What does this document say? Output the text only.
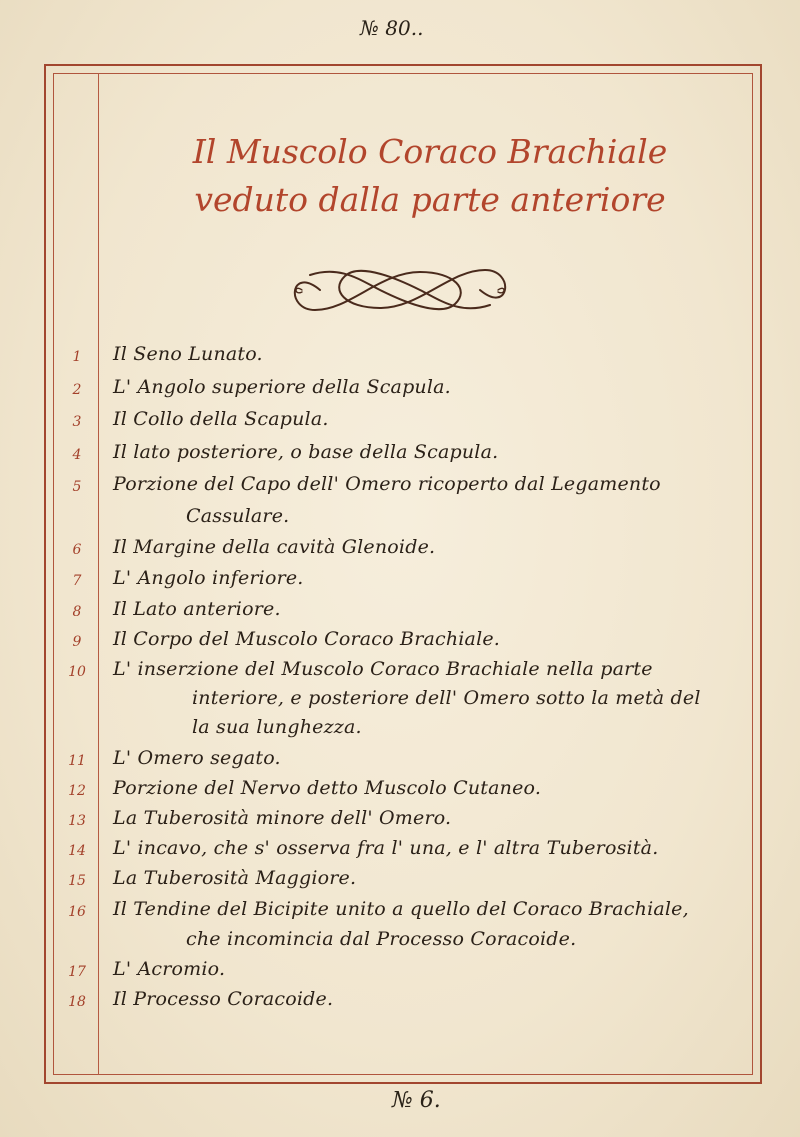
№ 80..
Il Muscolo Coraco Brachiale
veduto dalla parte anteriore
1	Il Seno Lunato.
2	L' Angolo superiore della Scapula.
3	Il Collo della Scapula.
4	Il lato posteriore, o base della Scapula.
5	Porzione del Capo dell' Omero ricoperto dal Legamento
Cassulare.
6	Il Margine della cavità Glenoide.
7	L' Angolo inferiore.
8	Il Lato anteriore.
9	Il Corpo del Muscolo Coraco Brachiale.
10	L' inserzione del Muscolo Coraco Brachiale nella parte
interiore, e posteriore dell' Omero sotto la metà del
la sua lunghezza.
11	L' Omero segato.
12	Porzione del Nervo detto Muscolo Cutaneo.
13	La Tuberosità minore dell' Omero.
14	L' incavo, che s' osserva fra l' una, e l' altra Tuberosità.
15	La Tuberosità Maggiore.
16	Il Tendine del Bicipite unito a quello del Coraco Brachiale,
che incomincia dal Processo Coracoide.
17	L' Acromio.
18	Il Processo Coracoide.
№ 6.
